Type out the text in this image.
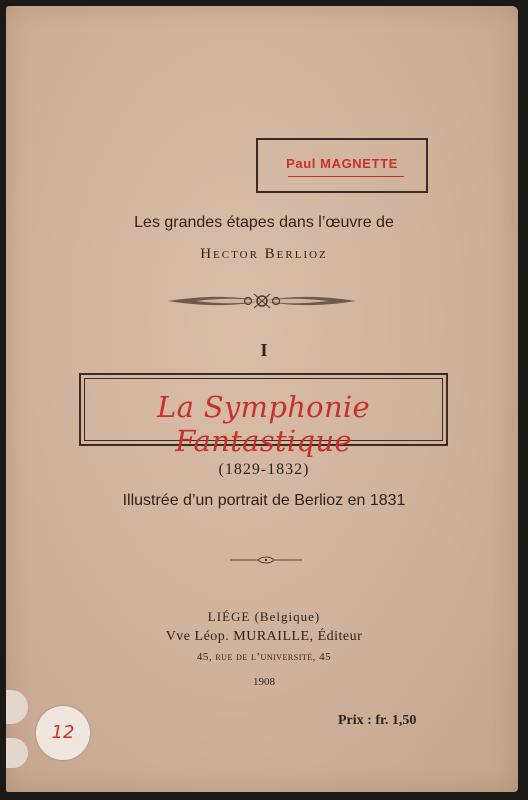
Paul MAGNETTE
Les grandes étapes dans l’œuvre de
Hector Berlioz
I
La Symphonie Fantastique
(1829-1832)
Illustrée d’un portrait de Berlioz en 1831
LIÉGE (Belgique)
Vve Léop. MURAILLE, Éditeur
45, rue de l’université, 45
1908
Prix : fr. 1,50
12
